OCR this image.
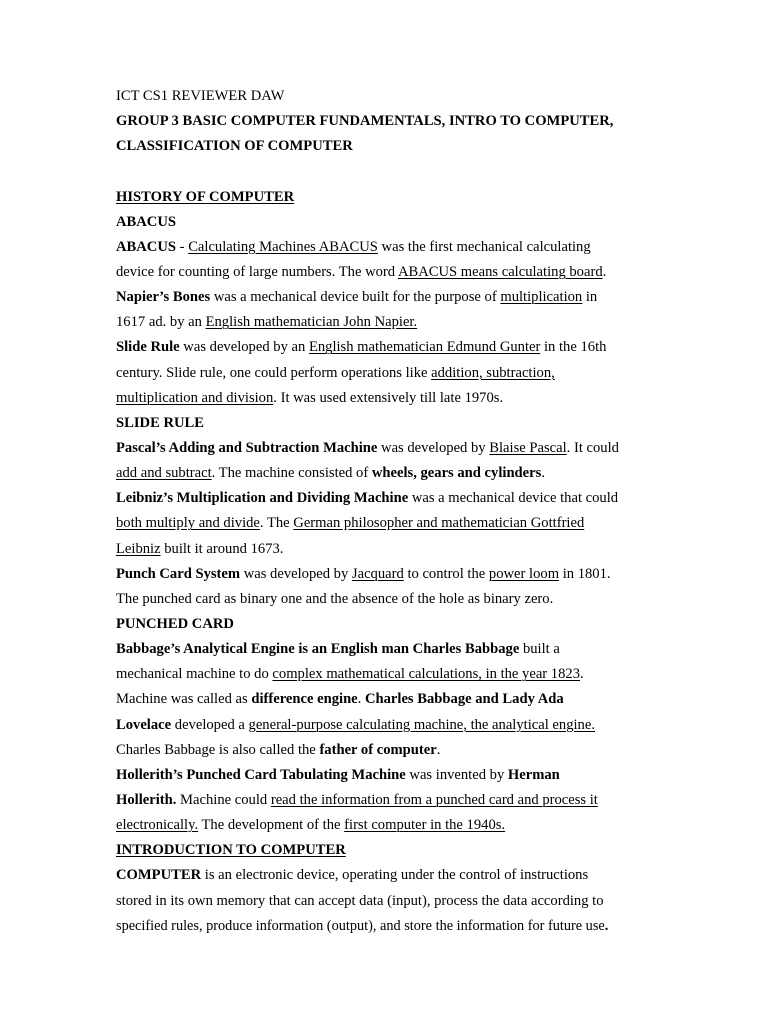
ICT CS1 REVIEWER DAW
GROUP 3 BASIC COMPUTER FUNDAMENTALS, INTRO TO COMPUTER,
CLASSIFICATION OF COMPUTER
HISTORY OF COMPUTER
ABACUS
ABACUS - Calculating Machines ABACUS was the first mechanical calculating
device for counting of large numbers. The word ABACUS means calculating board.
Napier’s Bones was a mechanical device built for the purpose of multiplication in
1617 ad. by an English mathematician John Napier.
Slide Rule was developed by an English mathematician Edmund Gunter in the 16th
century. Slide rule, one could perform operations like addition, subtraction,
multiplication and division. It was used extensively till late 1970s.
SLIDE RULE
Pascal’s Adding and Subtraction Machine was developed by Blaise Pascal. It could
add and subtract. The machine consisted of wheels, gears and cylinders.
Leibniz’s Multiplication and Dividing Machine was a mechanical device that could
both multiply and divide. The German philosopher and mathematician Gottfried
Leibniz built it around 1673.
Punch Card System was developed by Jacquard to control the power loom in 1801.
The punched card as binary one and the absence of the hole as binary zero.
PUNCHED CARD
Babbage’s Analytical Engine is an English man Charles Babbage built a
mechanical machine to do complex mathematical calculations, in the year 1823.
Machine was called as difference engine. Charles Babbage and Lady Ada
Lovelace developed a general-purpose calculating machine, the analytical engine.
Charles Babbage is also called the father of computer.
Hollerith’s Punched Card Tabulating Machine was invented by Herman
Hollerith. Machine could read the information from a punched card and process it
electronically. The development of the first computer in the 1940s.
INTRODUCTION TO COMPUTER
COMPUTER is an electronic device, operating under the control of instructions
stored in its own memory that can accept data (input), process the data according to
specified rules, produce information (output), and store the information for future use.
